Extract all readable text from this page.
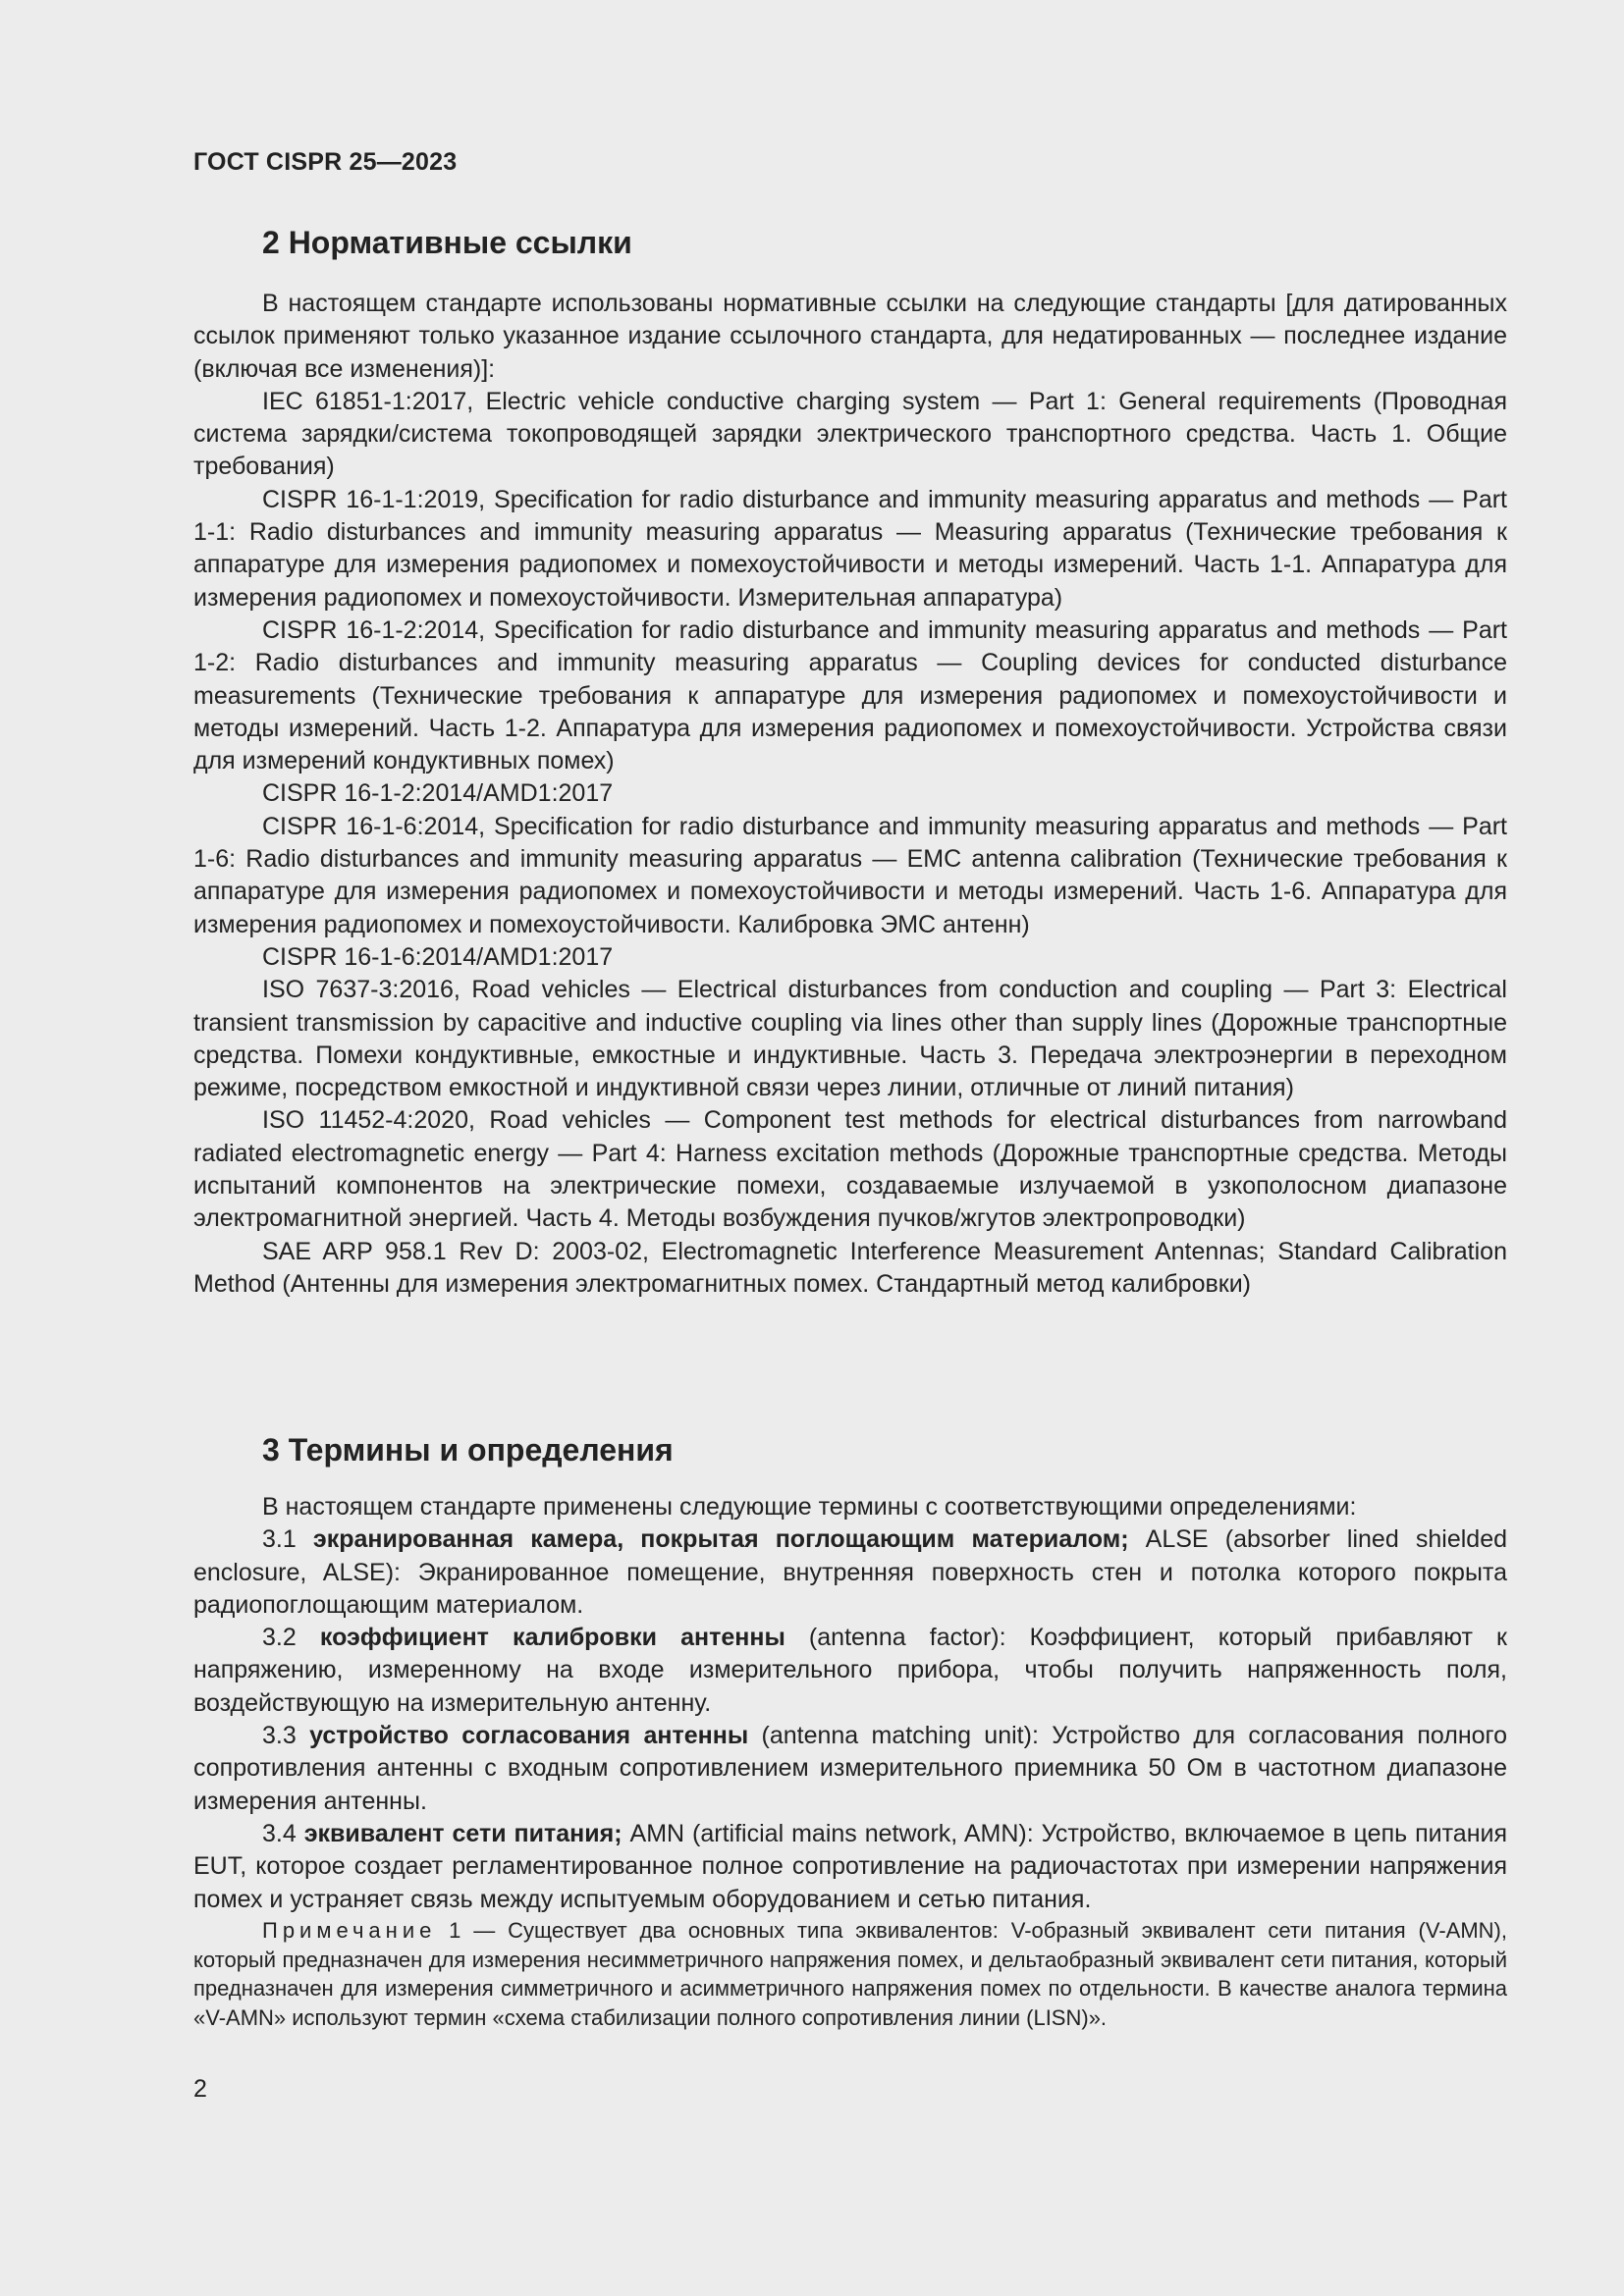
ГОСТ CISPR 25—2023
2 Нормативные ссылки

В настоящем стандарте использованы нормативные ссылки на следующие стандарты [для датированных ссылок применяют только указанное издание ссылочного стандарта, для недатированных — последнее издание (включая все изменения)]:

IEC 61851-1:2017, Electric vehicle conductive charging system — Part 1: General requirements (Проводная система зарядки/система токопроводящей зарядки электрического транспортного средства. Часть 1. Общие требования)

CISPR 16-1-1:2019, Specification for radio disturbance and immunity measuring apparatus and methods — Part 1-1: Radio disturbances and immunity measuring apparatus — Measuring apparatus (Технические требования к аппаратуре для измерения радиопомех и помехоустойчивости и методы измерений. Часть 1-1. Аппаратура для измерения радиопомех и помехоустойчивости. Измерительная аппаратура)

CISPR 16-1-2:2014, Specification for radio disturbance and immunity measuring apparatus and methods — Part 1-2: Radio disturbances and immunity measuring apparatus — Coupling devices for conducted disturbance measurements (Технические требования к аппаратуре для измерения радиопомех и помехоустойчивости и методы измерений. Часть 1-2. Аппаратура для измерения радиопомех и помехоустойчивости. Устройства связи для измерений кондуктивных помех)

CISPR 16-1-2:2014/AMD1:2017

CISPR 16-1-6:2014, Specification for radio disturbance and immunity measuring apparatus and methods — Part 1-6: Radio disturbances and immunity measuring apparatus — EMC antenna calibration (Технические требования к аппаратуре для измерения радиопомех и помехоустойчивости и методы измерений. Часть 1-6. Аппаратура для измерения радиопомех и помехоустойчивости. Калибровка ЭМС антенн)

CISPR 16-1-6:2014/AMD1:2017

ISO 7637-3:2016, Road vehicles — Electrical disturbances from conduction and coupling — Part 3: Electrical transient transmission by capacitive and inductive coupling via lines other than supply lines (Дорожные транспортные средства. Помехи кондуктивные, емкостные и индуктивные. Часть 3. Передача электроэнергии в переходном режиме, посредством емкостной и индуктивной связи через линии, отличные от линий питания)

ISO 11452-4:2020, Road vehicles — Component test methods for electrical disturbances from narrowband radiated electromagnetic energy — Part 4: Harness excitation methods (Дорожные транспортные средства. Методы испытаний компонентов на электрические помехи, создаваемые излучаемой в узкополосном диапазоне электромагнитной энергией. Часть 4. Методы возбуждения пучков/жгутов электропроводки)

SAE ARP 958.1 Rev D: 2003-02, Electromagnetic Interference Measurement Antennas; Standard Calibration Method (Антенны для измерения электромагнитных помех. Стандартный метод калибровки)

3 Термины и определения

В настоящем стандарте применены следующие термины с соответствующими определениями:

3.1 экранированная камера, покрытая поглощающим материалом; ALSE (absorber lined shielded enclosure, ALSE): Экранированное помещение, внутренняя поверхность стен и потолка которого покрыта радиопоглощающим материалом.

3.2 коэффициент калибровки антенны (antenna factor): Коэффициент, который прибавляют к напряжению, измеренному на входе измерительного прибора, чтобы получить напряженность поля, воздействующую на измерительную антенну.

3.3 устройство согласования антенны (antenna matching unit): Устройство для согласования полного сопротивления антенны с входным сопротивлением измерительного приемника 50 Ом в частотном диапазоне измерения антенны.

3.4 эквивалент сети питания; AMN (artificial mains network, AMN): Устройство, включаемое в цепь питания EUT, которое создает регламентированное полное сопротивление на радиочастотах при измерении напряжения помех и устраняет связь между испытуемым оборудованием и сетью питания.

Примечание 1 — Существует два основных типа эквивалентов: V-образный эквивалент сети питания (V-AMN), который предназначен для измерения несимметричного напряжения помех, и дельтаобразный эквивалент сети питания, который предназначен для измерения симметричного и асимметричного напряжения помех по отдельности. В качестве аналога термина «V-AMN» используют термин «схема стабилизации полного сопротивления линии (LISN)».

2
